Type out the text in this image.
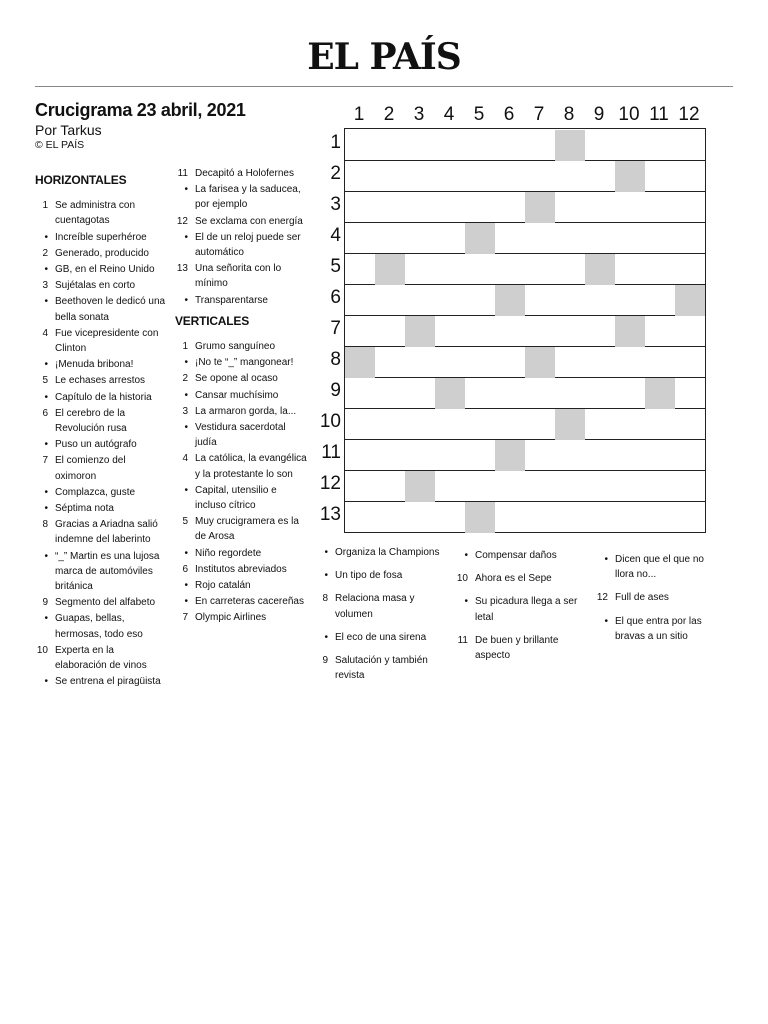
EL PAÍS
Crucigrama 23 abril, 2021
Por Tarkus
© EL PAÍS
HORIZONTALES
1 Se administra con cuentagotas
• Increíble superhéroe
2 Generado, producido
• GB, en el Reino Unido
3 Sujétalas en corto
• Beethoven le dedicó una bella sonata
4 Fue vicepresidente con Clinton
• ¡Menuda bribona!
5 Le echases arrestos
• Capítulo de la historia
6 El cerebro de la Revolución rusa
• Puso un autógrafo
7 El comienzo del oximoron
• Complazca, guste
• Séptima nota
8 Gracias a Ariadna salió indemne del laberinto
• “_” Martin es una lujosa marca de automóviles británica
9 Segmento del alfabeto
• Guapas, bellas, hermosas, todo eso
10 Experta en la elaboración de vinos
• Se entrena el piragüista
11 Decapitó a Holofernes
• La farisea y la saducea, por ejemplo
12 Se exclama con energía
• El de un reloj puede ser automático
13 Una señorita con lo mínimo
• Transparentarse
VERTICALES
1 Grumo sanguíneo
• ¡No te “_” mangonear!
2 Se opone al ocaso
• Cansar muchísimo
3 La armaron gorda, la...
• Vestidura sacerdotal judía
4 La católica, la evangélica y la protestante lo son
• Capital, utensilio e incluso cítrico
5 Muy crucigramera es la de Arosa
• Niño regordete
6 Institutos abreviados
• Rojo catalán
• En carreteras cacereñas
7 Olympic Airlines
• Organiza la Champions
• Un tipo de fosa
8 Relaciona masa y volumen
• El eco de una sirena
9 Salutación y también revista
• Compensar daños
10 Ahora es el Sepe
• Su picadura llega a ser letal
11 De buen y brillante aspecto
• Dicen que el que no llora no...
12 Full de ases
• El que entra por las bravas a un sitio
1	2	3	4	5	6	7	8	9 10 11 12
1
2
3
4
5
6
7
8
9
10
11
12
13
